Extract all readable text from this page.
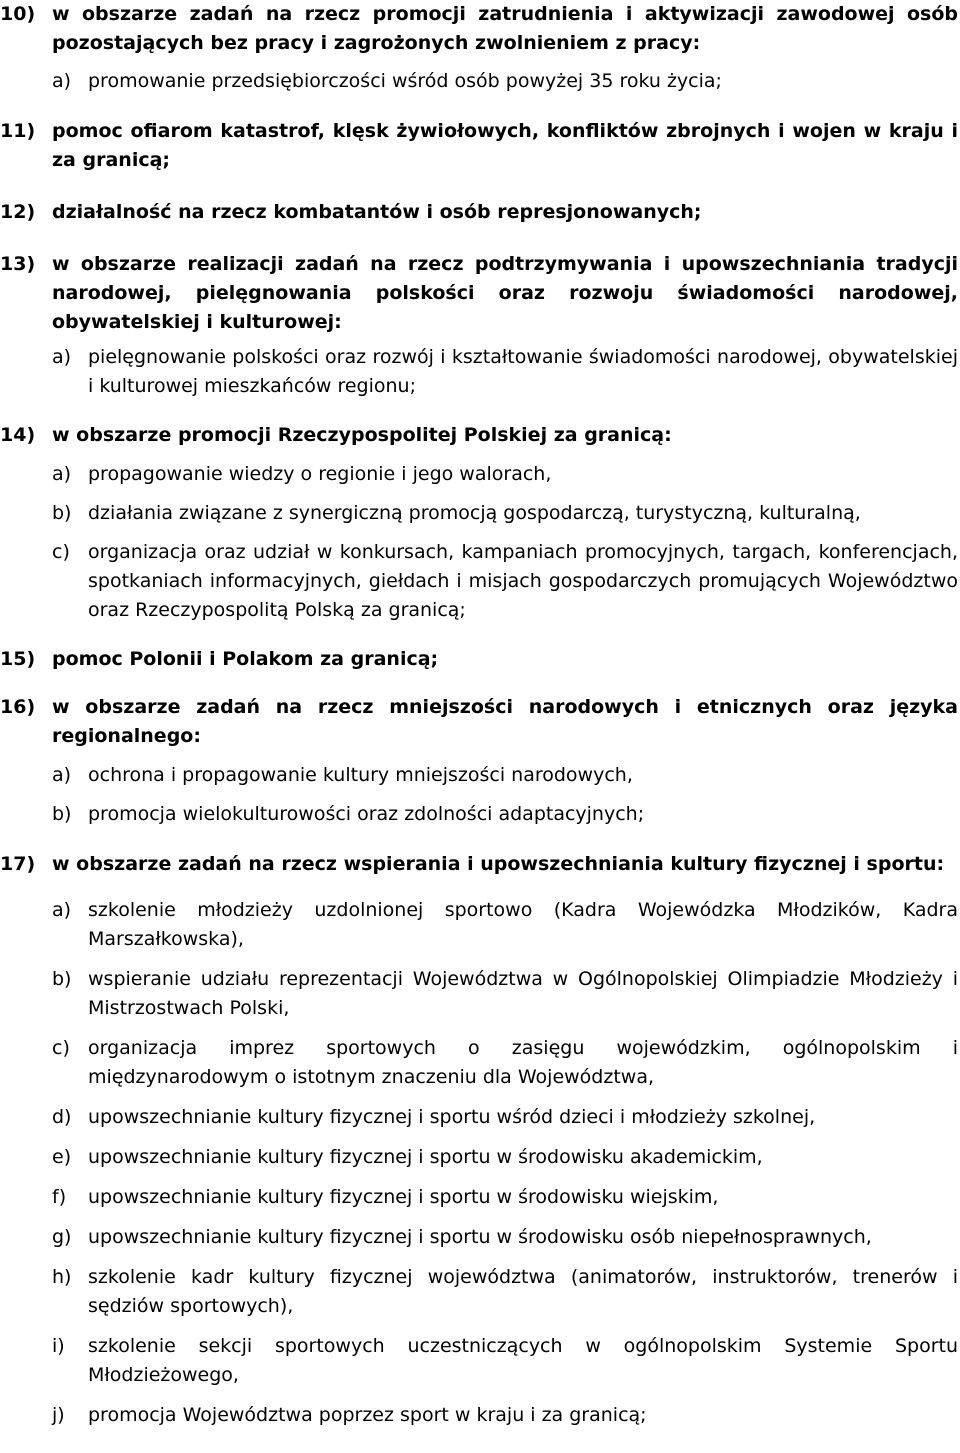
10) w obszarze zadań na rzecz promocji zatrudnienia i aktywizacji zawodowej osób pozostających bez pracy i zagrożonych zwolnieniem z pracy:
a) promowanie przedsiębiorczości wśród osób powyżej 35 roku życia;
11) pomoc ofiarom katastrof, klęsk żywiołowych, konfliktów zbrojnych i wojen w kraju i za granicą;
12) działalność na rzecz kombatantów i osób represjonowanych;
13) w obszarze realizacji zadań na rzecz podtrzymywania i upowszechniania tradycji narodowej, pielęgnowania polskości oraz rozwoju świadomości narodowej, obywatelskiej i kulturowej:
a) pielęgnowanie polskości oraz rozwój i kształtowanie świadomości narodowej, obywatelskiej i kulturowej mieszkańców regionu;
14) w obszarze promocji Rzeczypospolitej Polskiej za granicą:
a) propagowanie wiedzy o regionie i jego walorach,
b) działania związane z synergiczną promocją gospodarczą, turystyczną, kulturalną,
c) organizacja oraz udział w konkursach, kampaniach promocyjnych, targach, konferencjach, spotkaniach informacyjnych, giełdach i misjach gospodarczych promujących Województwo oraz Rzeczypospolitą Polską za granicą;
15) pomoc Polonii i Polakom za granicą;
16) w obszarze zadań na rzecz mniejszości narodowych i etnicznych oraz języka regionalnego:
a) ochrona i propagowanie kultury mniejszości narodowych,
b) promocja wielokulturowości oraz zdolności adaptacyjnych;
17) w obszarze zadań na rzecz wspierania i upowszechniania kultury fizycznej i sportu:
a) szkolenie młodzieży uzdolnionej sportowo (Kadra Wojewódzka Młodzików, Kadra Marszałkowska),
b) wspieranie udziału reprezentacji Województwa w Ogólnopolskiej Olimpiadzie Młodzieży i Mistrzostwach Polski,
c) organizacja imprez sportowych o zasięgu wojewódzkim, ogólnopolskim i międzynarodowym o istotnym znaczeniu dla Województwa,
d) upowszechnianie kultury fizycznej i sportu wśród dzieci i młodzieży szkolnej,
e) upowszechnianie kultury fizycznej i sportu w środowisku akademickim,
f)	upowszechnianie kultury fizycznej i sportu w środowisku wiejskim,
g) upowszechnianie kultury fizycznej i sportu w środowisku osób niepełnosprawnych,
h) szkolenie kadr kultury fizycznej województwa (animatorów, instruktorów, trenerów i sędziów sportowych),
i)	szkolenie sekcji sportowych uczestniczących w ogólnopolskim Systemie Sportu Młodzieżowego,
j)	promocja Województwa poprzez sport w kraju i za granicą;
